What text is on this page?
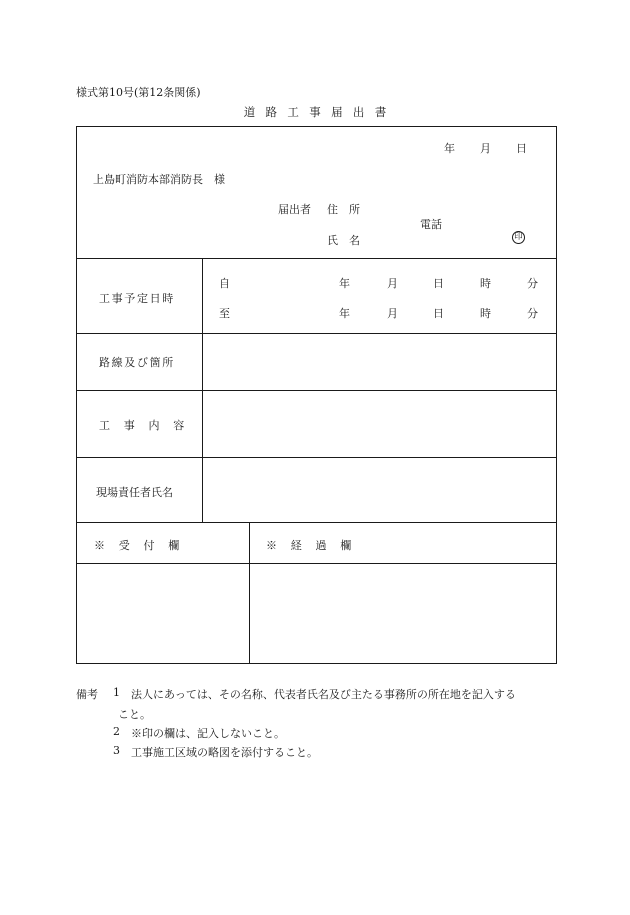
様式第10号(第12条関係)
道路工事届出書
年 月 日
上島町消防本部消防長　様
届出者 住　所
電話
氏　名	印
工事予定日時
自	年	月	日	時	分
至	年	月	日	時	分
路線及び箇所
工事内容
現場責任者氏名
※受付欄	※経過欄
備考 1 法人にあっては、その名称、代表者氏名及び主たる事務所の所在地を記入する
こと。
2 ※印の欄は、記入しないこと。
3 工事施工区域の略図を添付すること。
